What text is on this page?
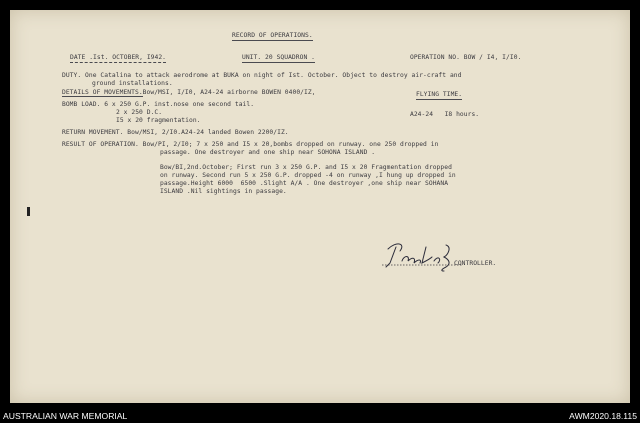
RECORD OF OPERATIONS.
DATE .Ist. OCTOBER, I942.	UNIT. 20 SQUADRON .	OPERATION NO. BOW / I4, I/I0.
DUTY. One Catalina to attack aerodrome at BUKA on night of Ist. October. Object to destroy air-craft and
ground installations.
DETAILS OF MOVEMENTS.Bow/MSI, I/I0, A24-24 airborne BOWEN 0400/IZ,	FLYING TIME.
BOMB LOAD. 6 x 250 G.P. inst.nose one second tail.
2 x 250 D.C.
I5 x 20 fragmentation.
A24-24   I8 hours.
RETURN MOVEMENT. Bow/MSI, 2/I0.A24-24 landed Bowen 2200/IZ.
RESULT OF OPERATION. Bow/PI, 2/I0; 7 x 250 and I5 x 20,bombs dropped on runway. one 250 dropped in
passage. One destroyer and one ship near SOHONA ISLAND .
Bow/BI,2nd.October; First run 3 x 250 G.P. and I5 x 20 Fragmentation dropped
on runway. Second run 5 x 250 G.P. dropped -4 on runway ,I hung up dropped in
passage.Height 6000  6500 .Slight A/A . One destroyer ,one ship near SOHANA
ISLAND .Nil sightings in passage.
CONTROLLER.
AUSTRALIAN WAR MEMORIAL	AWM2020.18.115
